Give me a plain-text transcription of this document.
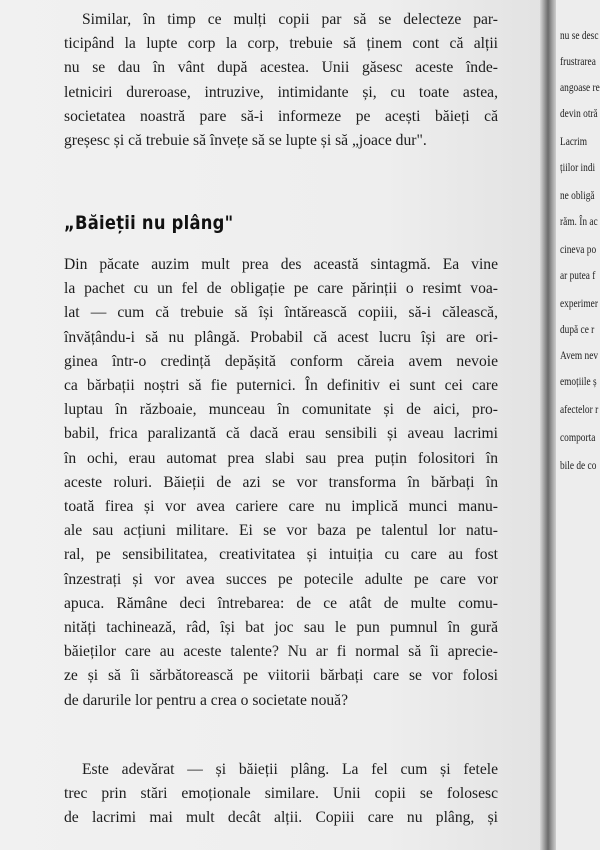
Similar, în timp ce mulți copii par să se delecteze par-
ticipând la lupte corp la corp, trebuie să ținem cont că alții
nu se dau în vânt după acestea. Unii găsesc aceste înde-
letniciri dureroase, intruzive, intimidante și, cu toate astea,
societatea noastră pare să-i informeze pe acești băieți că
greșesc și că trebuie să învețe să se lupte și să „joace dur".
„Băieții nu plâng"
Din păcate auzim mult prea des această sintagmă. Ea vine
la pachet cu un fel de obligație pe care părinții o resimt voa-
lat — cum că trebuie să își întărească copiii, să-i călească,
învățându-i să nu plângă. Probabil că acest lucru își are ori-
ginea într-o credință depășită conform căreia avem nevoie
ca bărbații noștri să fie puternici. În definitiv ei sunt cei care
luptau în războaie, munceau în comunitate și de aici, pro-
babil, frica paralizantă că dacă erau sensibili și aveau lacrimi
în ochi, erau automat prea slabi sau prea puțin folositori în
aceste roluri. Băieții de azi se vor transforma în bărbați în
toată firea și vor avea cariere care nu implică munci manu-
ale sau acțiuni militare. Ei se vor baza pe talentul lor natu-
ral, pe sensibilitatea, creativitatea și intuiția cu care au fost
înzestrați și vor avea succes pe potecile adulte pe care vor
apuca. Rămâne deci întrebarea: de ce atât de multe comu-
nități tachinează, râd, își bat joc sau le pun pumnul în gură
băieților care au aceste talente? Nu ar fi normal să îi aprecie-
ze și să îi sărbătorească pe viitorii bărbați care se vor folosi
de darurile lor pentru a crea o societate nouă?
Este adevărat — și băieții plâng. La fel cum și fetele
trec prin stări emoționale similare. Unii copii se folosesc
de lacrimi mai mult decât alții. Copiii care nu plâng, și
nu se desc
frustrarea
angoase re
devin otră
Lacrim
țiilor indi
ne obligă
răm. În ac
cineva po
ar putea f
experimer
după ce r
Avem nev
emoțiile ș
afectelor r
comporta
bile de co
